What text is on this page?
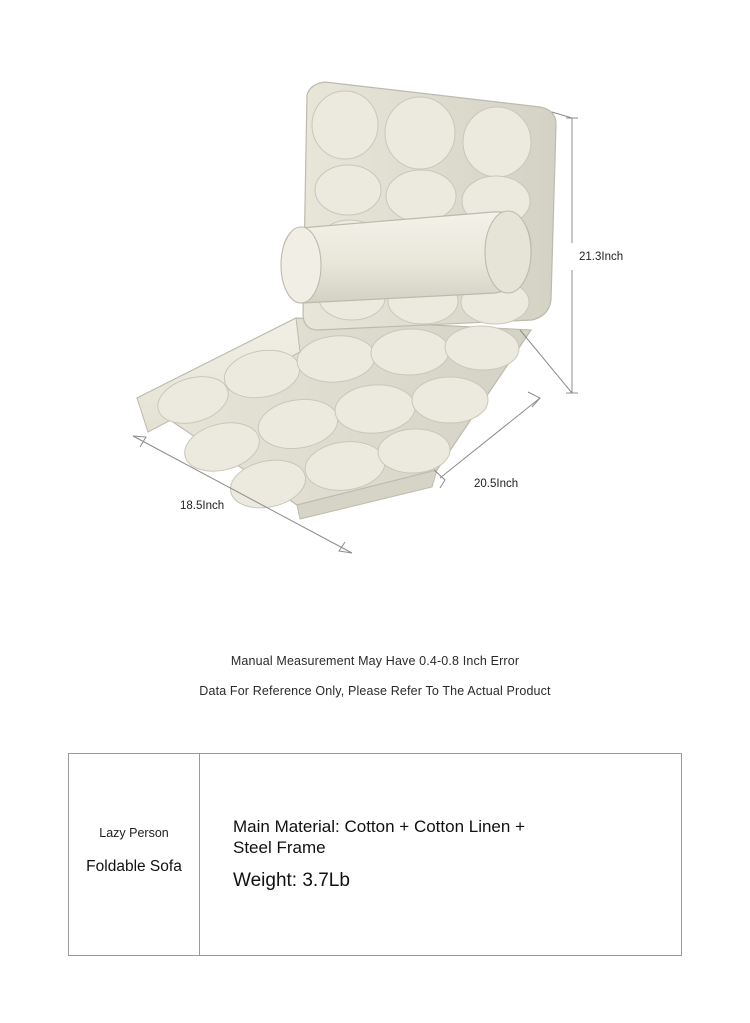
21.3Inch
20.5Inch
18.5Inch
Manual Measurement May Have 0.4-0.8 Inch Error
Data For Reference Only, Please Refer To The Actual Product
Lazy Person
Foldable Sofa
Main Material: Cotton + Cotton Linen + Steel Frame
Weight: 3.7Lb
